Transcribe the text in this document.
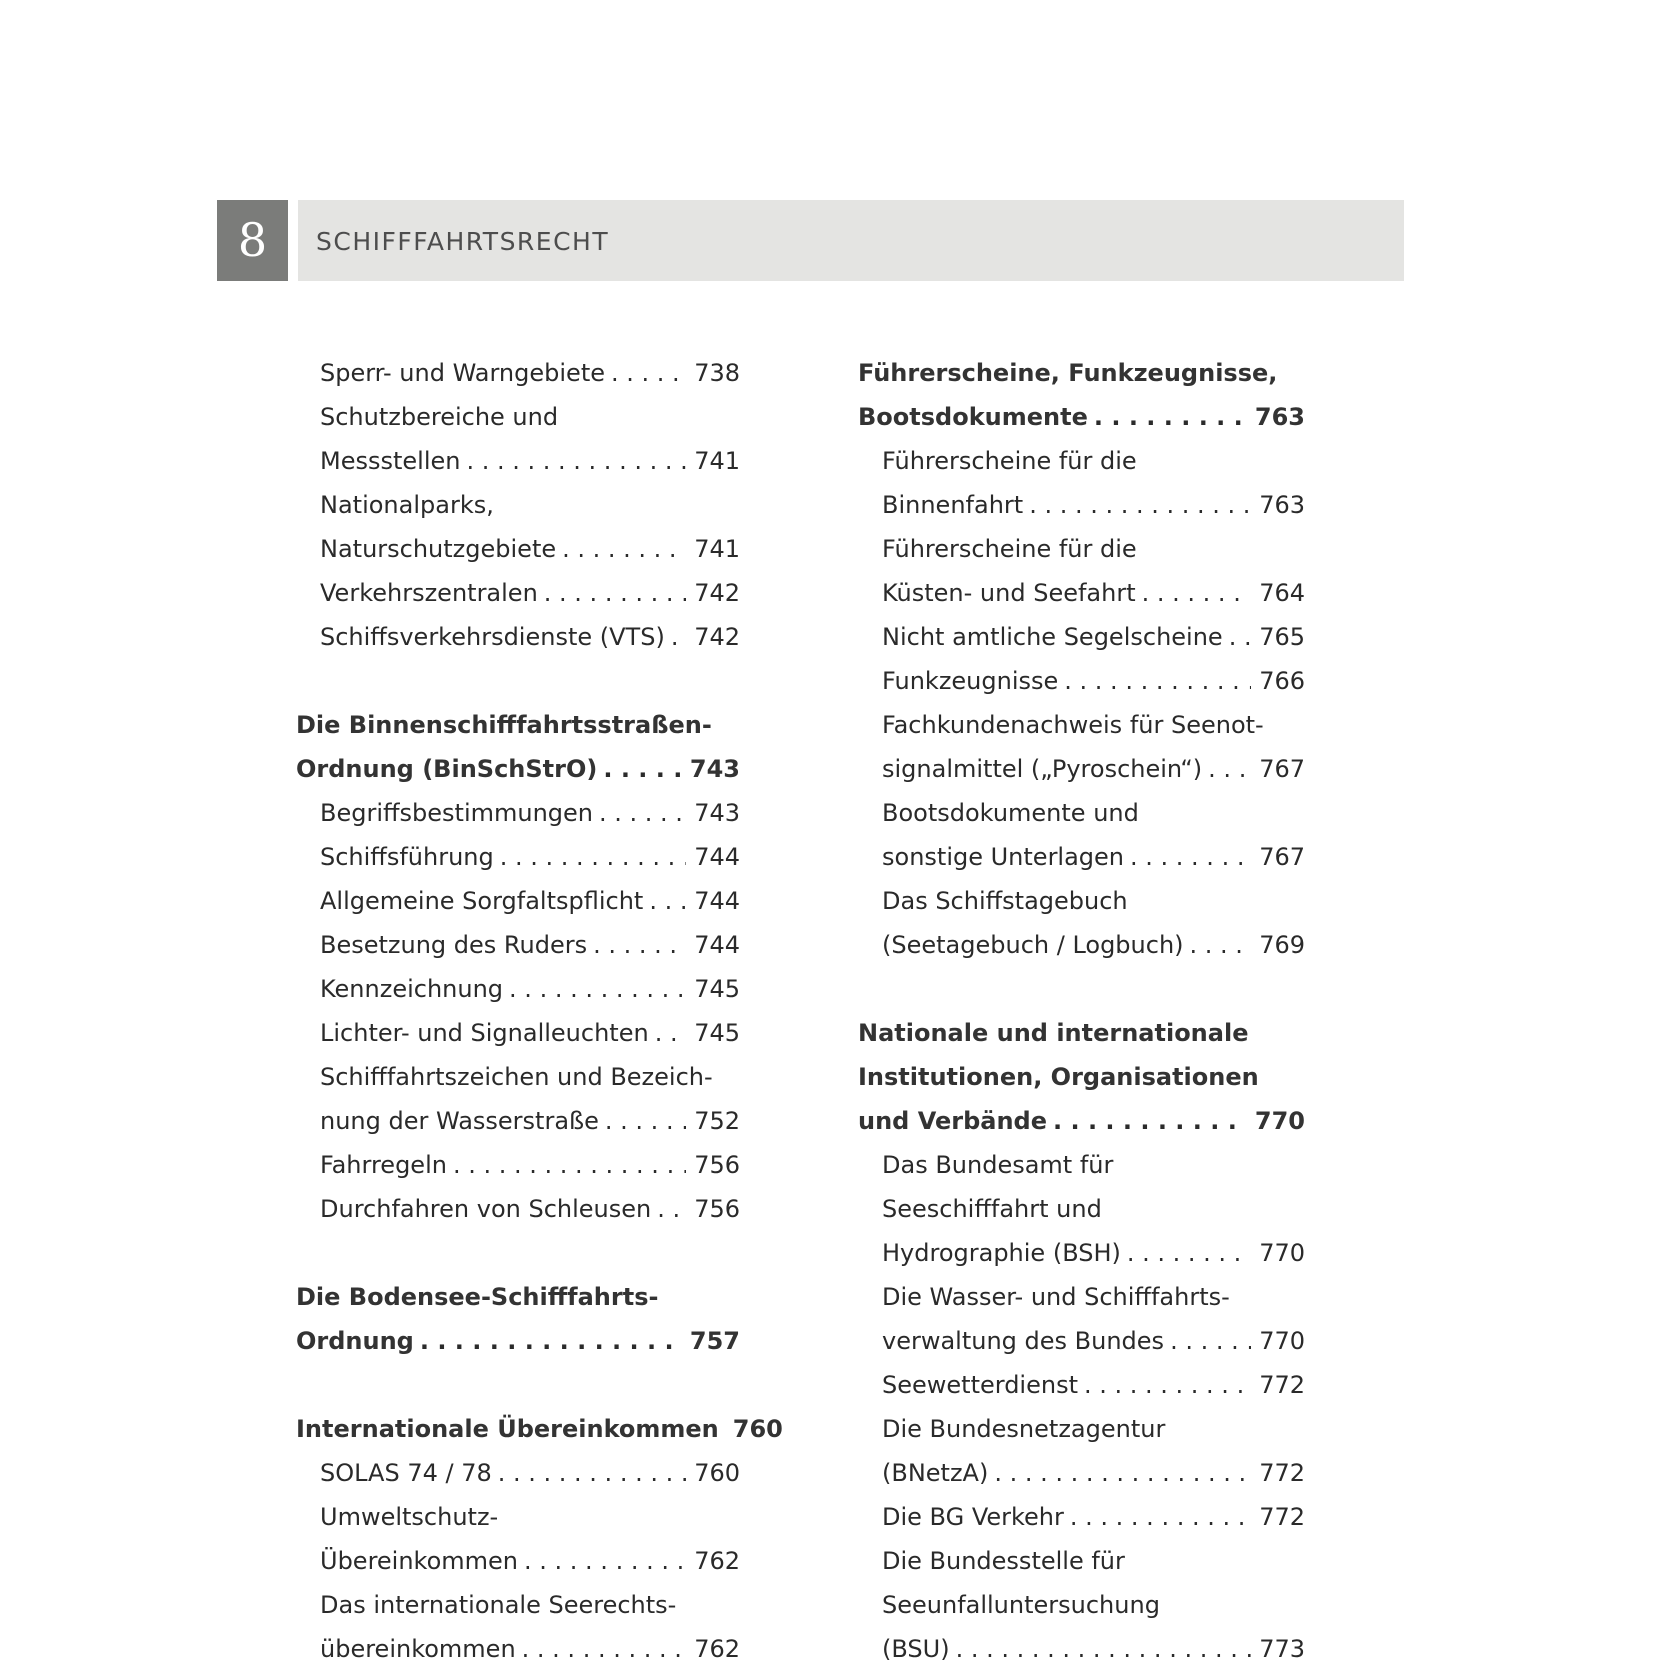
8	SCHIFFFAHRTSRECHT
Sperr- und Warngebiete . . .	738
Schutzbereiche und
Messstellen . . .	741
Nationalparks,
Naturschutzgebiete . . .	741
Verkehrszentralen . . .	742
Schiffsverkehrsdienste (VTS) . . . 742
Die Binnenschifffahrtsstraßen-
Ordnung (BinSchStrO) . . .	743
Begriffsbestimmungen . . .	743
Schiffsführung . . .	744
Allgemeine Sorgfaltspflicht . . . 744
Besetzung des Ruders . . .	744
Kennzeichnung . . .	745
Lichter- und Signalleuchten . . . 745
Schifffahrtszeichen und Bezeich-
nung der Wasserstraße . . .	752
Fahrregeln . . .	756
Durchfahren von Schleusen . . . 756
Die Bodensee-Schifffahrts-
Ordnung . . .	757
Internationale Übereinkommen 760
SOLAS 74 / 78 . . .	760
Umweltschutz-
Übereinkommen . . .	762
Das internationale Seerechts-
übereinkommen . . .	762
Führerscheine, Funkzeugnisse,
Bootsdokumente . . .	763
Führerscheine für die
Binnenfahrt . . .	763
Führerscheine für die
Küsten- und Seefahrt . . .	764
Nicht amtliche Segelscheine . . . 765
Funkzeugnisse . . .	766
Fachkundenachweis für Seenot-
signalmittel („Pyroschein“) . . . 767
Bootsdokumente und
sonstige Unterlagen . . .	767
Das Schiffstagebuch
(Seetagebuch / Logbuch) . . .	769
Nationale und internationale
Institutionen, Organisationen
und Verbände . . .	770
Das Bundesamt für
Seeschifffahrt und
Hydrographie (BSH) . . .	770
Die Wasser- und Schifffahrts-
verwaltung des Bundes . . .	770
Seewetterdienst . . .	772
Die Bundesnetzagentur
(BNetzA) . . .	772
Die BG Verkehr . . .	772
Die Bundesstelle für
Seeunfalluntersuchung
(BSU) . . .	773
